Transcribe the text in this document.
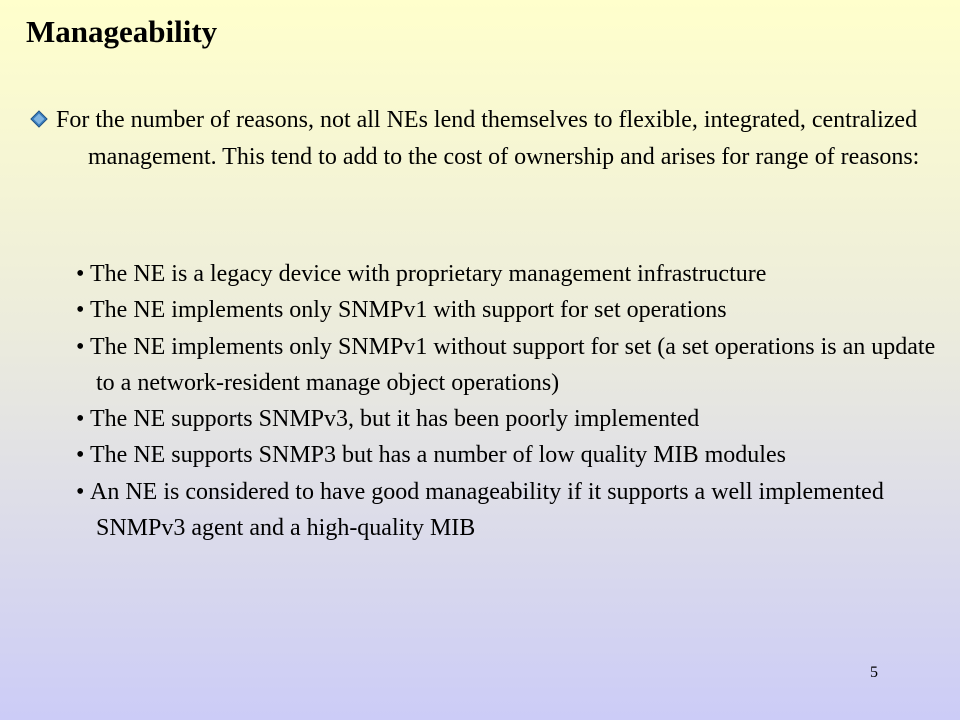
Manageability
For the number of reasons, not all NEs lend themselves to flexible, integrated, centralized management. This tend to add to the cost of ownership and arises for range of reasons:
• The NE is a legacy device with proprietary management infrastructure
• The NE implements only SNMPv1 with support for set operations
• The NE implements only SNMPv1 without support for set (a set operations is an update to a network-resident manage object operations)
• The NE supports SNMPv3, but it has been poorly implemented
• The NE supports SNMP3 but has a number of low quality MIB modules
• An NE is considered to have good manageability if it supports a well implemented SNMPv3 agent and a high-quality MIB
5
